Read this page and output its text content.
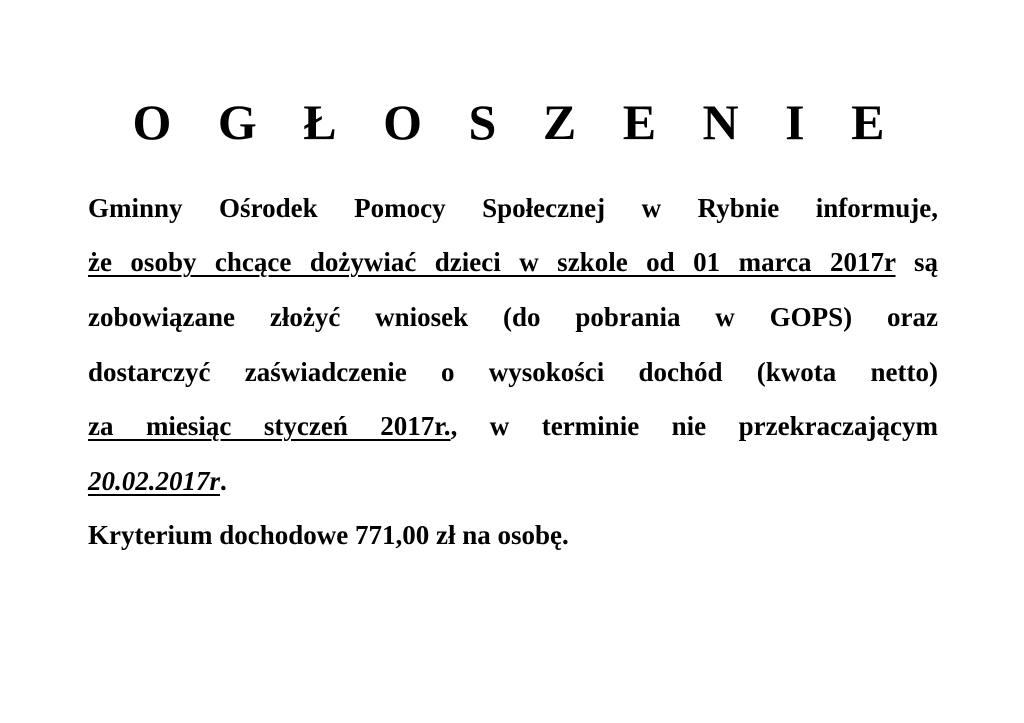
O G Ł O S Z E N I E
Gminny Ośrodek Pomocy Społecznej w Rybnie informuje,
że osoby chcące dożywiać dzieci w szkole od 01 marca 2017r są
zobowiązane złożyć wniosek (do pobrania w GOPS) oraz
dostarczyć zaświadczenie o wysokości dochód (kwota netto)
za miesiąc styczeń 2017r., w terminie nie przekraczającym
20.02.2017r.
Kryterium dochodowe 771,00 zł na osobę.
